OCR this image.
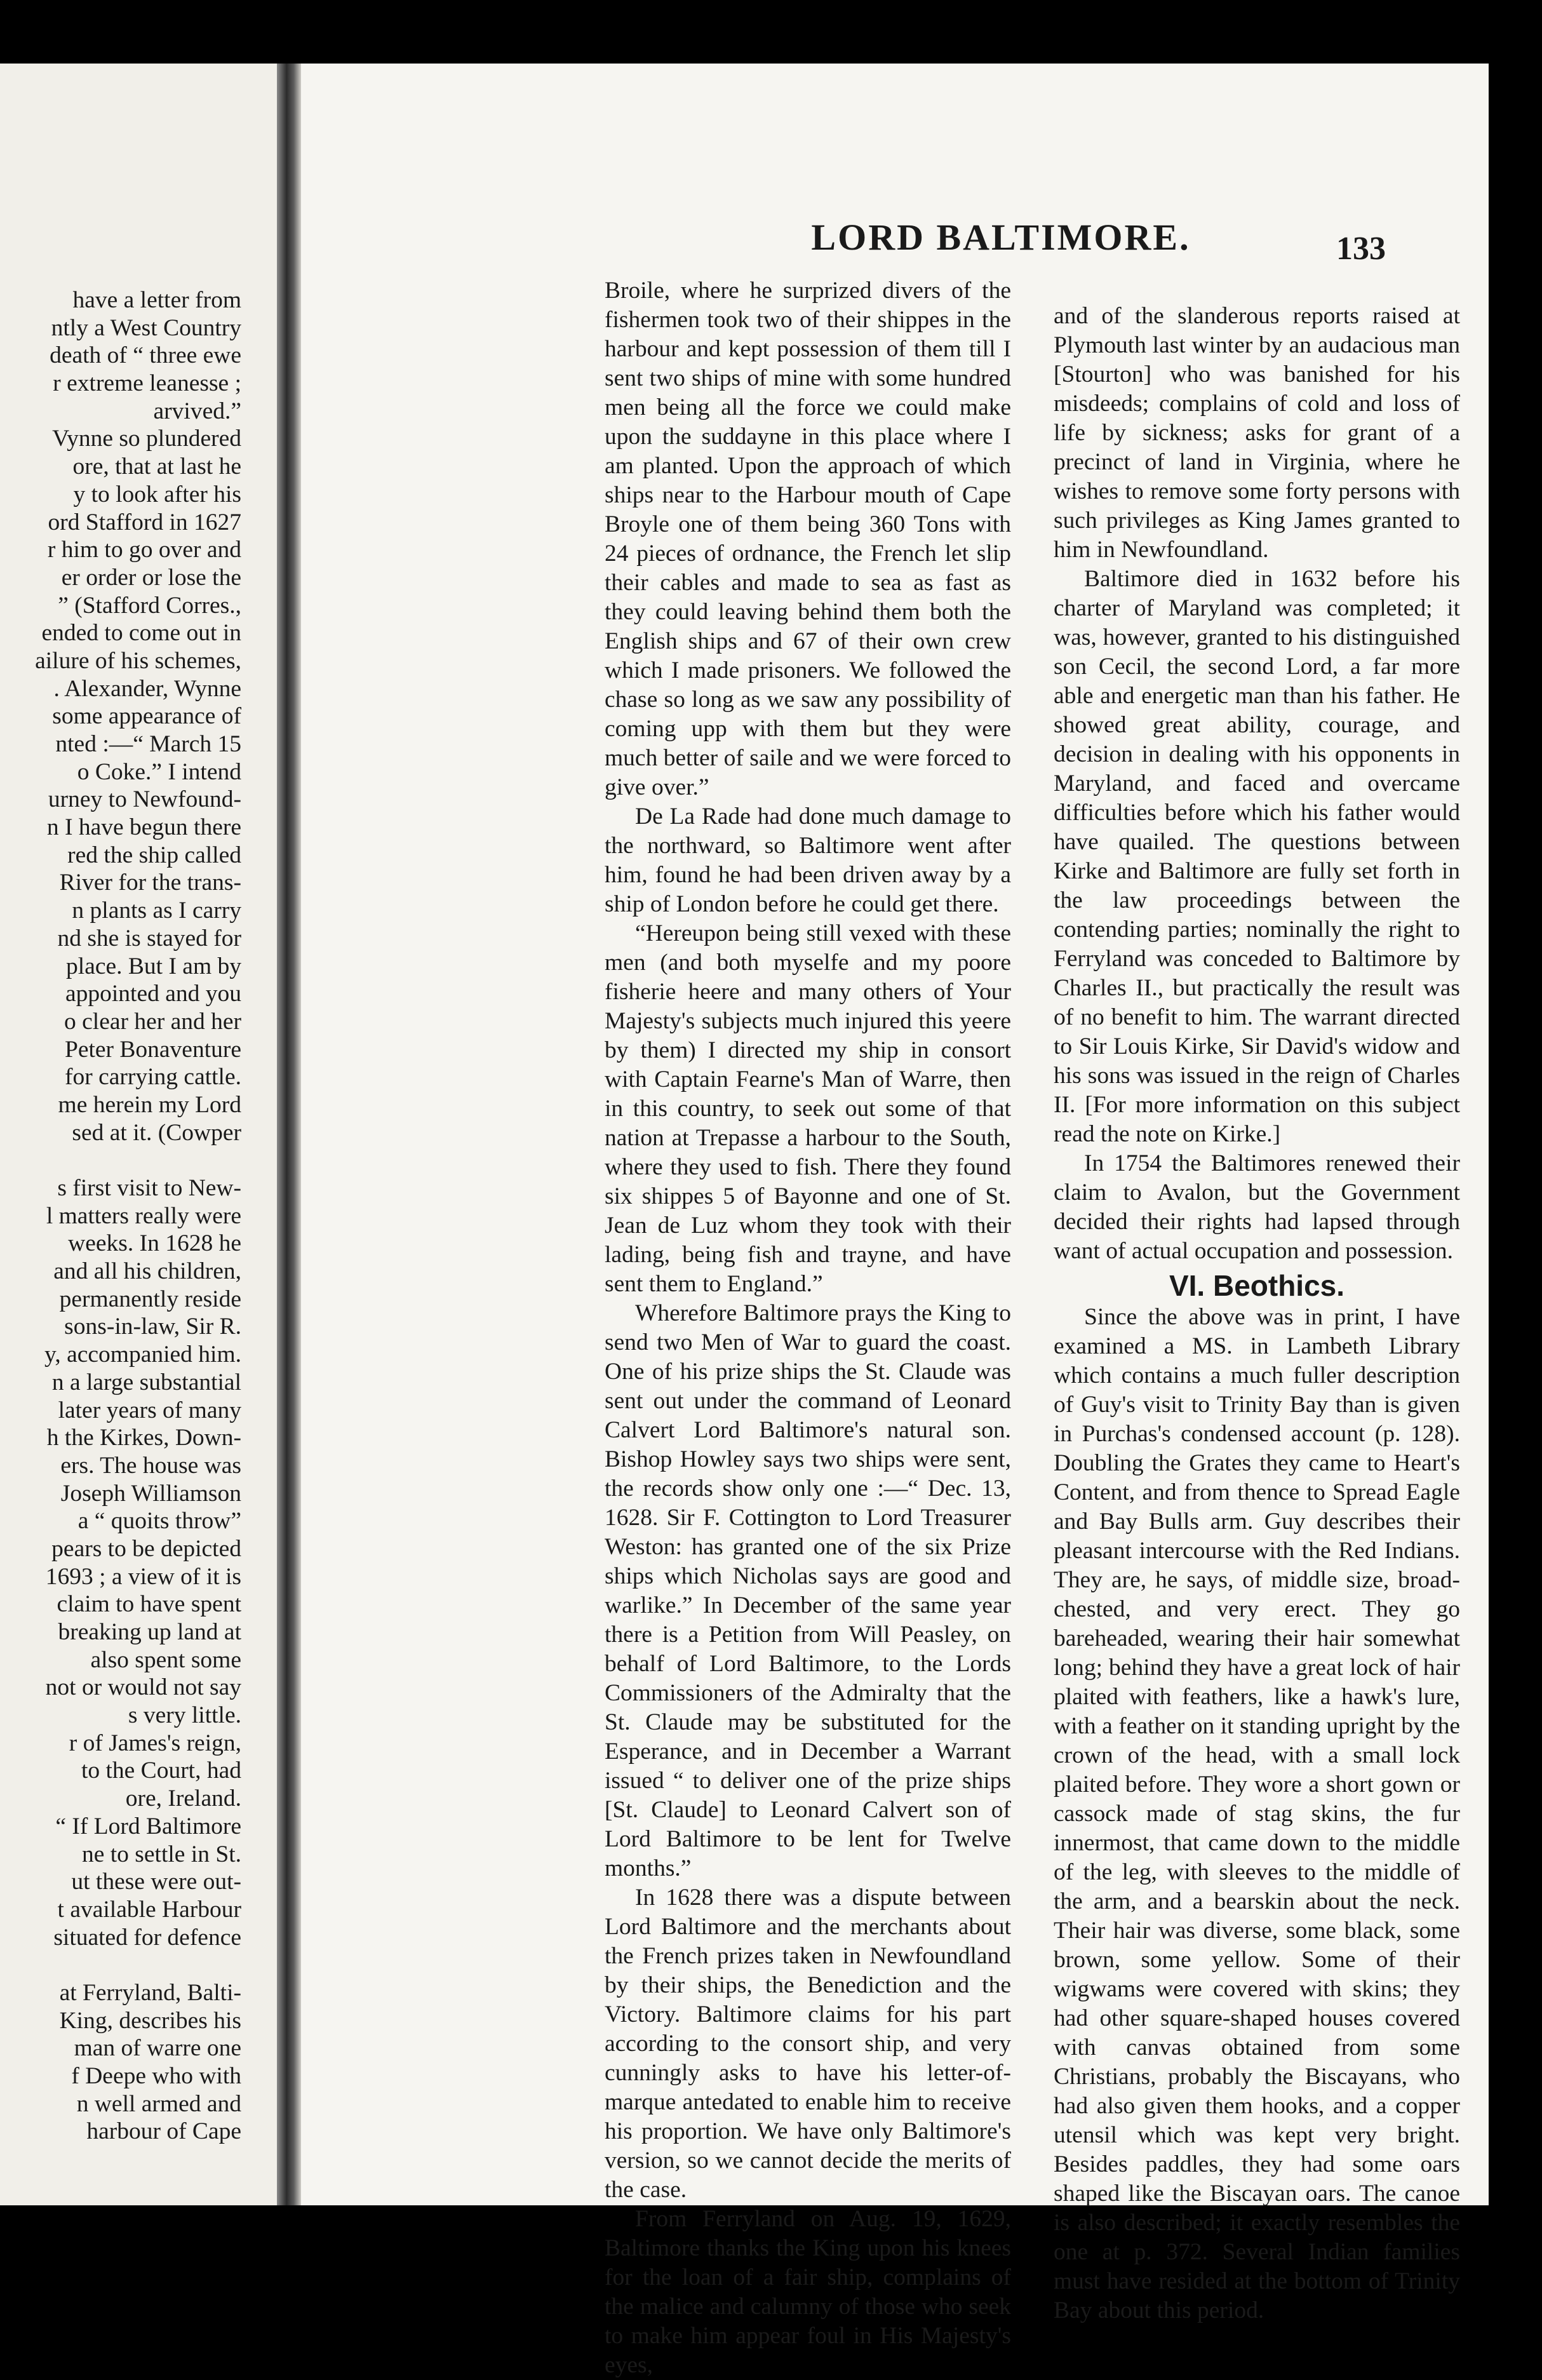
have a letter from
ntly a West Country
death of “ three ewe
r extreme leanesse ;
arvived.”
Vynne so plundered
ore, that at last he
y to look after his
ord Stafford in 1627
r him to go over and
er order or lose the
” (Stafford Corres.,
ended to come out in
ailure of his schemes,
. Alexander, Wynne
some appearance of
nted :—“ March 15
o Coke.” I intend
urney to Newfound-
n I have begun there
red the ship called
River for the trans-
n plants as I carry
nd she is stayed for
place. But I am by
appointed and you
o clear her and her
Peter Bonaventure
for carrying cattle.
me herein my Lord
sed at it. (Cowper
s first visit to New-
l matters really were
weeks. In 1628 he
and all his children,
permanently reside
sons-in-law, Sir R.
y, accompanied him.
n a large substantial
later years of many
h the Kirkes, Down-
ers. The house was
Joseph Williamson
a “ quoits throw”
pears to be depicted
1693 ; a view of it is
claim to have spent
breaking up land at
also spent some
not or would not say
s very little.
r of James's reign,
to the Court, had
ore, Ireland.
“ If Lord Baltimore
ne to settle in St.
ut these were out-
t available Harbour
situated for defence
at Ferryland, Balti-
King, describes his
man of warre one
f Deepe who with
n well armed and
harbour of Cape
LORD BALTIMORE.	133

Broile, where he surprized divers of the fishermen took two of their shippes in the harbour and kept possession of them till I sent two ships of mine with some hundred men being all the force we could make upon the suddayne in this place where I am planted. Upon the approach of which ships near to the Harbour mouth of Cape Broyle one of them being 360 Tons with 24 pieces of ordnance, the French let slip their cables and made to sea as fast as they could leaving behind them both the English ships and 67 of their own crew which I made prisoners. We followed the chase so long as we saw any possibility of coming upp with them but they were much better of saile and we were forced to give over.”

De La Rade had done much damage to the northward, so Baltimore went after him, found he had been driven away by a ship of London before he could get there.

“Hereupon being still vexed with these men (and both myselfe and my poore fisherie heere and many others of Your Majesty's subjects much injured this yeere by them) I directed my ship in consort with Captain Fearne's Man of Warre, then in this country, to seek out some of that nation at Trepasse a harbour to the South, where they used to fish. There they found six shippes 5 of Bayonne and one of St. Jean de Luz whom they took with their lading, being fish and trayne, and have sent them to England.”

Wherefore Baltimore prays the King to send two Men of War to guard the coast. One of his prize ships the St. Claude was sent out under the command of Leonard Calvert Lord Baltimore's natural son. Bishop Howley says two ships were sent, the records show only one :—“ Dec. 13, 1628. Sir F. Cottington to Lord Treasurer Weston: has granted one of the six Prize ships which Nicholas says are good and warlike.” In December of the same year there is a Petition from Will Peasley, on behalf of Lord Baltimore, to the Lords Commissioners of the Admiralty that the St. Claude may be substituted for the Esperance, and in December a Warrant issued “ to deliver one of the prize ships [St. Claude] to Leonard Calvert son of Lord Baltimore to be lent for Twelve months.”

In 1628 there was a dispute between Lord Baltimore and the merchants about the French prizes taken in Newfoundland by their ships, the Benediction and the Victory. Baltimore claims for his part according to the consort ship, and very cunningly asks to have his letter-of-marque antedated to enable him to receive his proportion. We have only Baltimore's version, so we cannot decide the merits of the case.

From Ferryland on Aug. 19, 1629, Baltimore thanks the King upon his knees for the loan of a fair ship, complains of the malice and calumny of those who seek to make him appear foul in His Majesty's eyes,

and of the slanderous reports raised at Plymouth last winter by an audacious man [Stourton] who was banished for his misdeeds; complains of cold and loss of life by sickness; asks for grant of a precinct of land in Virginia, where he wishes to remove some forty persons with such privileges as King James granted to him in Newfoundland.

Baltimore died in 1632 before his charter of Maryland was completed; it was, however, granted to his distinguished son Cecil, the second Lord, a far more able and energetic man than his father. He showed great ability, courage, and decision in dealing with his opponents in Maryland, and faced and overcame difficulties before which his father would have quailed. The questions between Kirke and Baltimore are fully set forth in the law proceedings between the contending parties; nominally the right to Ferryland was conceded to Baltimore by Charles II., but practically the result was of no benefit to him. The warrant directed to Sir Louis Kirke, Sir David's widow and his sons was issued in the reign of Charles II. [For more information on this subject read the note on Kirke.]

In 1754 the Baltimores renewed their claim to Avalon, but the Government decided their rights had lapsed through want of actual occupation and possession.

VI. Beothics.

Since the above was in print, I have examined a MS. in Lambeth Library which contains a much fuller description of Guy's visit to Trinity Bay than is given in Purchas's condensed account (p. 128). Doubling the Grates they came to Heart's Content, and from thence to Spread Eagle and Bay Bulls arm. Guy describes their pleasant intercourse with the Red Indians. They are, he says, of middle size, broad-chested, and very erect. They go bareheaded, wearing their hair somewhat long; behind they have a great lock of hair plaited with feathers, like a hawk's lure, with a feather on it standing upright by the crown of the head, with a small lock plaited before. They wore a short gown or cassock made of stag skins, the fur innermost, that came down to the middle of the leg, with sleeves to the middle of the arm, and a bearskin about the neck. Their hair was diverse, some black, some brown, some yellow. Some of their wigwams were covered with skins; they had other square-shaped houses covered with canvas obtained from some Christians, probably the Biscayans, who had also given them hooks, and a copper utensil which was kept very bright. Besides paddles, they had some oars shaped like the Biscayan oars. The canoe is also described; it exactly resembles the one at p. 372. Several Indian families must have resided at the bottom of Trinity Bay about this period.
